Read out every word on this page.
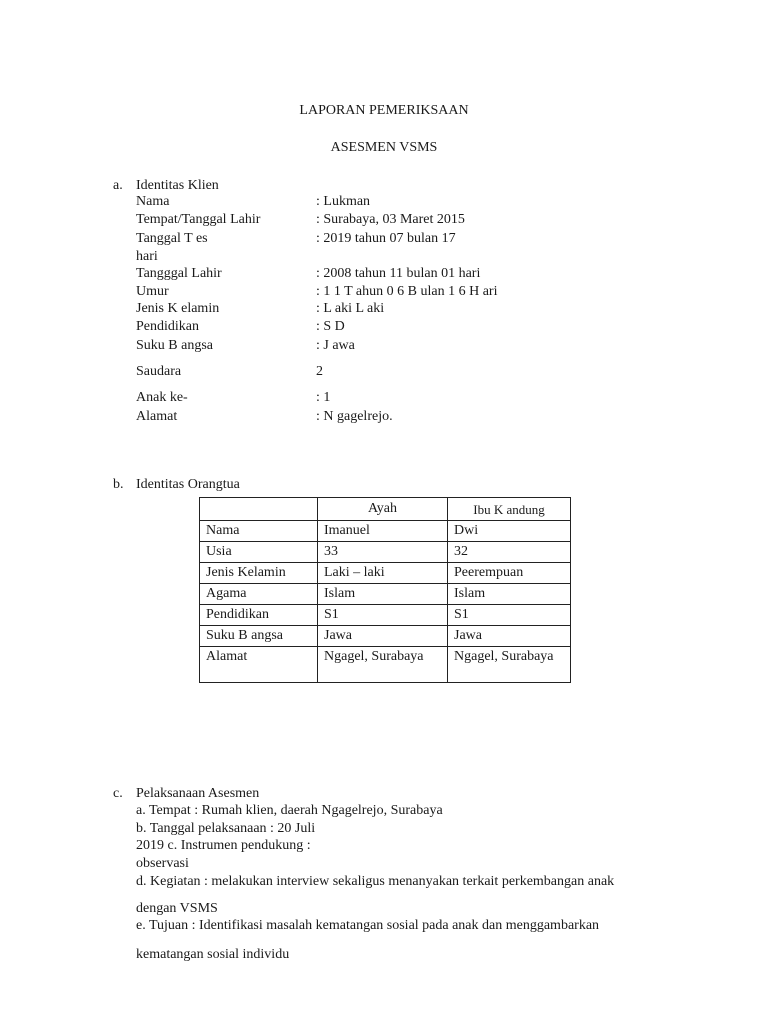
LAPORAN PEMERIKSAAN
ASESMEN VSMS
a. Identitas Klien
Nama	: Lukman
Tempat/Tanggal Lahir	: Surabaya, 03 Maret 2015
Tanggal T es	: 2019 tahun 07 bulan 17
hari
Tangggal Lahir	: 2008 tahun 11 bulan 01 hari
Umur	: 1 1 T ahun 0 6 B ulan 1 6 H ari
Jenis K elamin	: L aki L aki
Pendidikan	: S D
Suku B angsa	: J awa
Saudara	2
Anak ke-	: 1
Alamat	: N gagelrejo.
b. Identitas Orangtua
	Ayah	Ibu K andung
Nama	Imanuel	Dwi
Usia	33	32
Jenis Kelamin	Laki – laki	Peerempuan
Agama	Islam	Islam
Pendidikan	S1	S1
Suku B angsa	Jawa	Jawa
Alamat	Ngagel, Surabaya	Ngagel, Surabaya
c. Pelaksanaan Asesmen
a. Tempat : Rumah klien, daerah Ngagelrejo, Surabaya
b. Tanggal pelaksanaan : 20 Juli
2019 c. Instrumen pendukung :
observasi
d. Kegiatan : melakukan interview sekaligus menanyakan terkait perkembangan anak
dengan VSMS
e. Tujuan : Identifikasi masalah kematangan sosial pada anak dan menggambarkan
kematangan sosial individu
